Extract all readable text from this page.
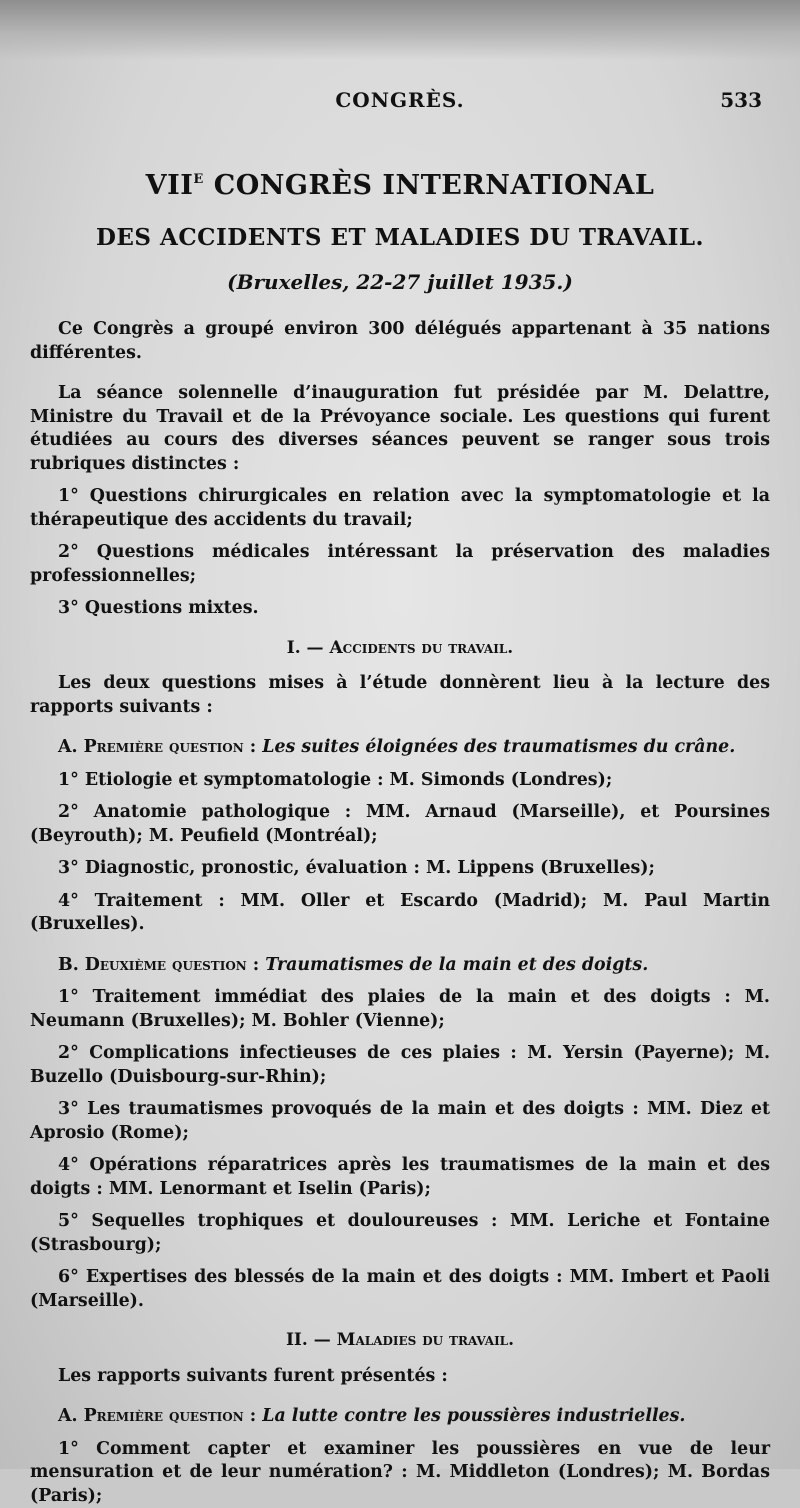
CONGRÈS.	533
$VII^E$ CONGRÈS INTERNATIONAL
DES ACCIDENTS ET MALADIES DU TRAVAIL.
(Bruxelles, 22-27 juillet 1935.)

Ce Congrès a groupé environ 300 délégués appartenant à 35 nations différentes.

La séance solennelle d’inauguration fut présidée par M. Delattre, Ministre du Travail et de la Prévoyance sociale. Les questions qui furent étudiées au cours des diverses séances peuvent se ranger sous trois rubriques distinctes :

1° Questions chirurgicales en relation avec la symptomatologie et la thérapeutique des accidents du travail;

2° Questions médicales intéressant la préservation des maladies professionnelles;

3° Questions mixtes.

I. — Accidents du travail.

Les deux questions mises à l’étude donnèrent lieu à la lecture des rapports suivants :

A. Première question : Les suites éloignées des traumatismes du crâne.

1° Etiologie et symptomatologie : M. Simonds (Londres);

2° Anatomie pathologique : MM. Arnaud (Marseille), et Poursines (Beyrouth); M. Peufield (Montréal);

3° Diagnostic, pronostic, évaluation : M. Lippens (Bruxelles);

4° Traitement : MM. Oller et Escardo (Madrid); M. Paul Martin (Bruxelles).

B. Deuxième question : Traumatismes de la main et des doigts.

1° Traitement immédiat des plaies de la main et des doigts : M. Neumann (Bruxelles); M. Bohler (Vienne);

2° Complications infectieuses de ces plaies : M. Yersin (Payerne); M. Buzello (Duisbourg-sur-Rhin);

3° Les traumatismes provoqués de la main et des doigts : MM. Diez et Aprosio (Rome);

4° Opérations réparatrices après les traumatismes de la main et des doigts : MM. Lenormant et Iselin (Paris);

5° Sequelles trophiques et douloureuses : MM. Leriche et Fontaine (Strasbourg);

6° Expertises des blessés de la main et des doigts : MM. Imbert et Paoli (Marseille).

II. — Maladies du travail.

Les rapports suivants furent présentés :

A. Première question : La lutte contre les poussières industrielles.

1° Comment capter et examiner les poussières en vue de leur mensuration et de leur numération? : M. Middleton (Londres); M. Bordas (Paris);
